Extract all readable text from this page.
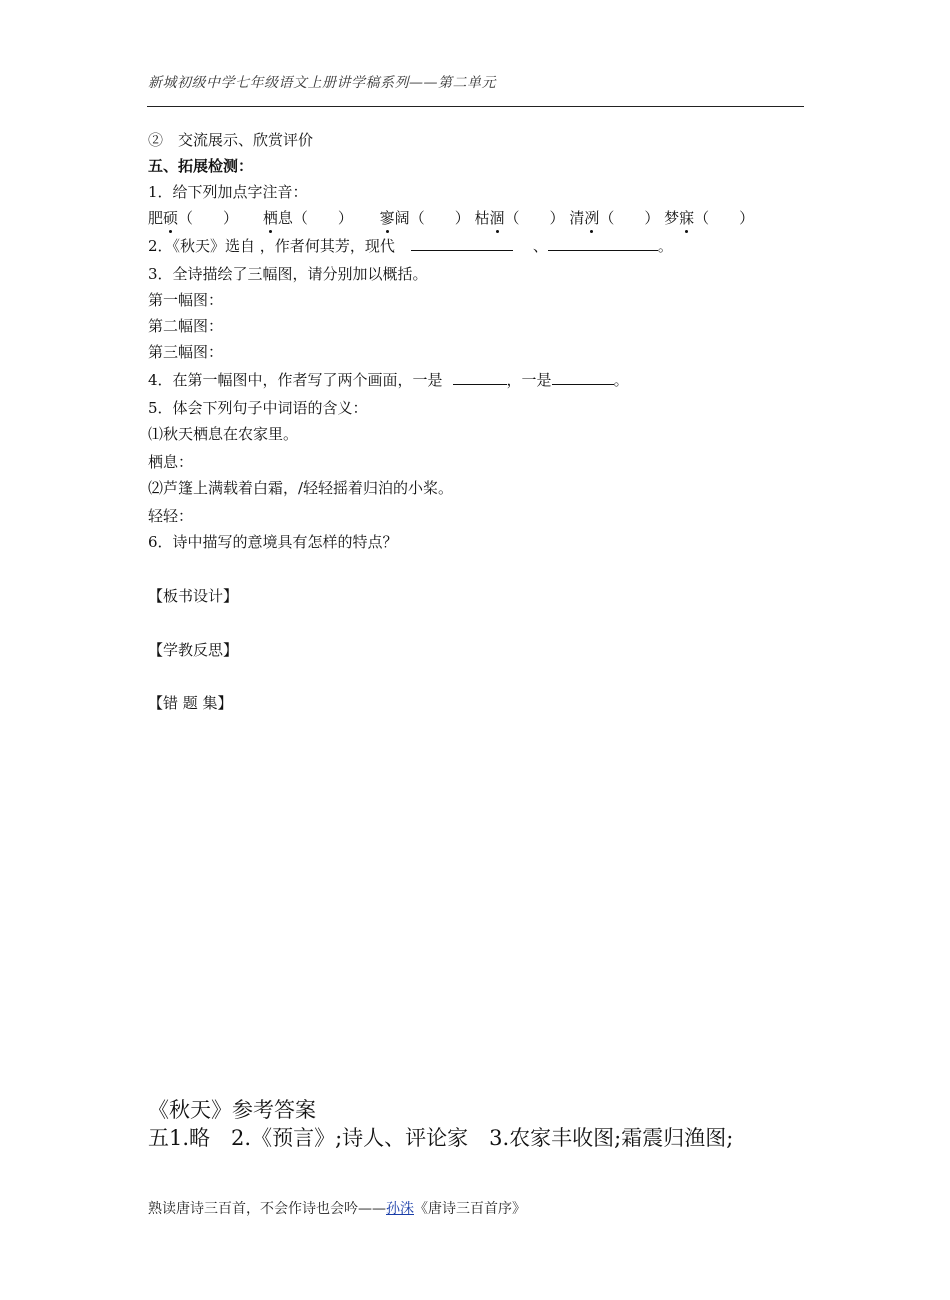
新城初级中学七年级语文上册讲学稿系列——第二单元
②　交流展示、欣赏评价
五、拓展检测：
1．给下列加点字注音：
肥硕（　　） 栖息（　　） 寥阔（　　） 枯涸（　　） 清冽（　　） 梦寐（　　）
2．《秋天》选自 ，作者何其芳，现代	、	。
3．全诗描绘了三幅图，请分别加以概括。
第一幅图：
第二幅图：
第三幅图：
4．在第一幅图中，作者写了两个画面，一是	，一是	。
5．体会下列句子中词语的含义：
⑴秋天栖息在农家里。
栖息：
⑵芦篷上满载着白霜，/轻轻摇着归泊的小桨。
轻轻：
6．诗中描写的意境具有怎样的特点？
【板书设计】
【学教反思】
【错 题 集】
《秋天》参考答案
五1.略　2.《预言》;诗人、评论家　3.农家丰收图;霜震归渔图;
熟读唐诗三百首，不会作诗也会吟——孙洙《唐诗三百首序》
